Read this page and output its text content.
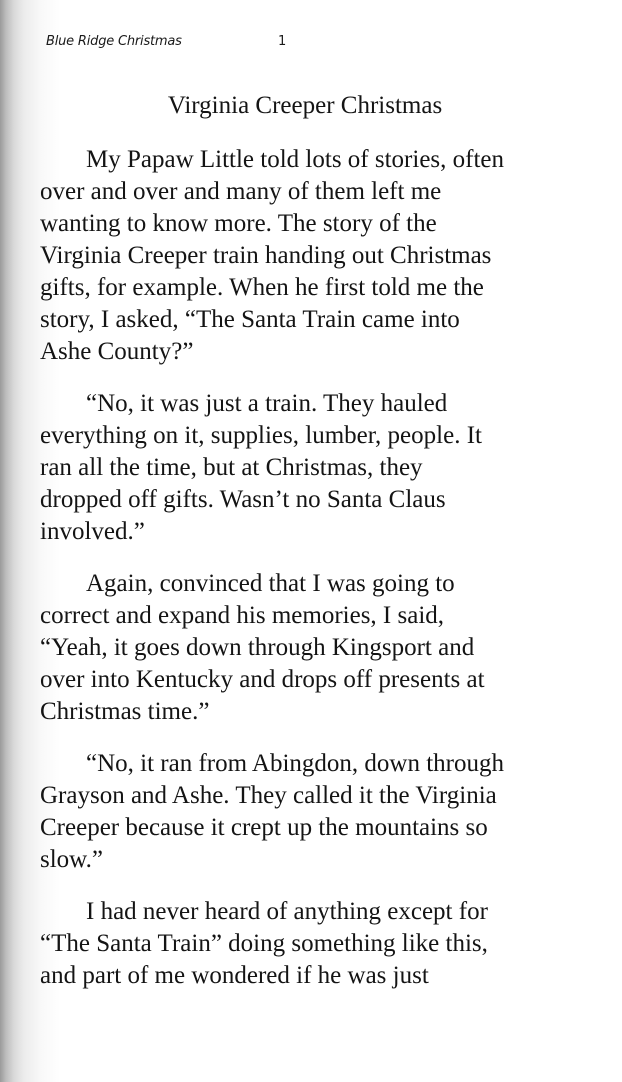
Blue Ridge Christmas	1
Virginia Creeper Christmas

My Papaw Little told lots of stories, often
over and over and many of them left me
wanting to know more. The story of the
Virginia Creeper train handing out Christmas
gifts, for example. When he first told me the
story, I asked, “The Santa Train came into
Ashe County?”

“No, it was just a train. They hauled
everything on it, supplies, lumber, people. It
ran all the time, but at Christmas, they
dropped off gifts. Wasn’t no Santa Claus
involved.”

Again, convinced that I was going to
correct and expand his memories, I said,
“Yeah, it goes down through Kingsport and
over into Kentucky and drops off presents at
Christmas time.”

“No, it ran from Abingdon, down through
Grayson and Ashe. They called it the Virginia
Creeper because it crept up the mountains so
slow.”

I had never heard of anything except for
“The Santa Train” doing something like this,
and part of me wondered if he was just
